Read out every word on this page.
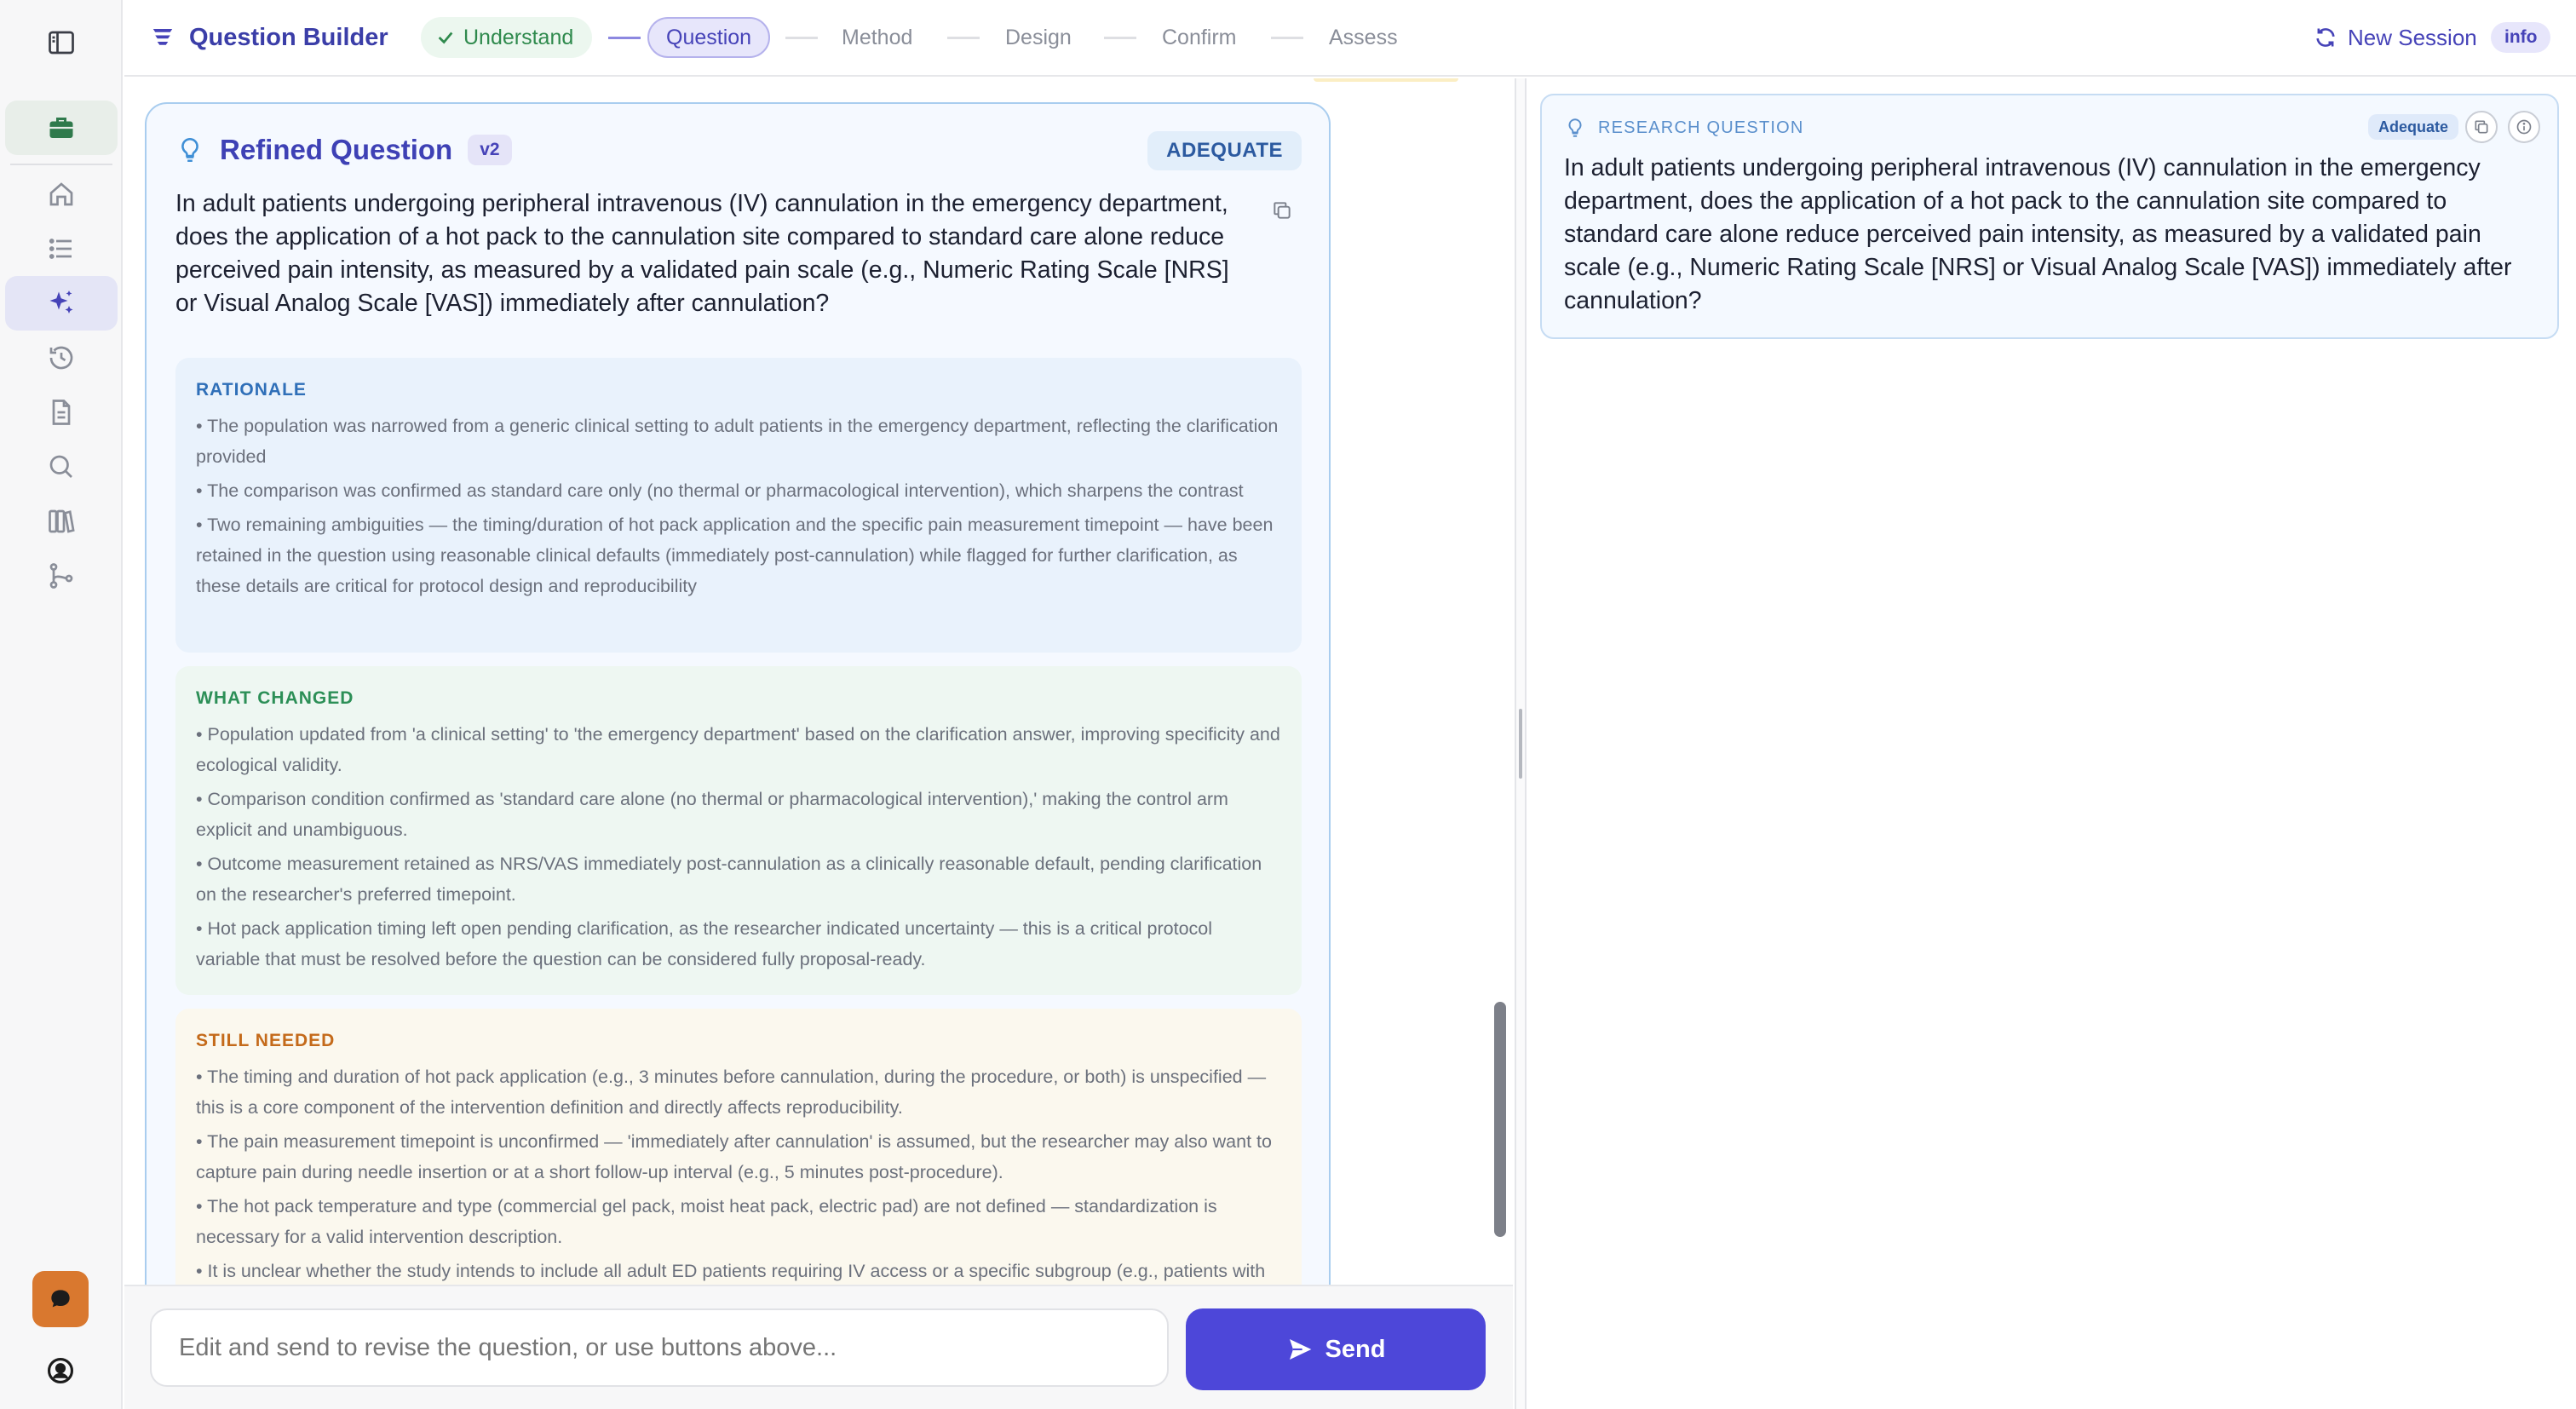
Question Builder	Understand	Question	Method	Design	Confirm	Assess	New Session	info
Refined Question	v2	ADEQUATE

In adult patients undergoing peripheral intravenous (IV) cannulation in the emergency department, does the application of a hot pack to the cannulation site compared to standard care alone reduce perceived pain intensity, as measured by a validated pain scale (e.g., Numeric Rating Scale [NRS] or Visual Analog Scale [VAS]) immediately after cannulation?

RATIONALE
• The population was narrowed from a generic clinical setting to adult patients in the emergency department, reflecting the clarification provided
• The comparison was confirmed as standard care only (no thermal or pharmacological intervention), which sharpens the contrast
• Two remaining ambiguities — the timing/duration of hot pack application and the specific pain measurement timepoint — have been retained in the question using reasonable clinical defaults (immediately post-cannulation) while flagged for further clarification, as these details are critical for protocol design and reproducibility
WHAT CHANGED
• Population updated from 'a clinical setting' to 'the emergency department' based on the clarification answer, improving specificity and ecological validity.
• Comparison condition confirmed as 'standard care alone (no thermal or pharmacological intervention),' making the control arm explicit and unambiguous.
• Outcome measurement retained as NRS/VAS immediately post-cannulation as a clinically reasonable default, pending clarification on the researcher's preferred timepoint.
• Hot pack application timing left open pending clarification, as the researcher indicated uncertainty — this is a critical protocol variable that must be resolved before the question can be considered fully proposal-ready.
STILL NEEDED
• The timing and duration of hot pack application (e.g., 3 minutes before cannulation, during the procedure, or both) is unspecified — this is a core component of the intervention definition and directly affects reproducibility.
• The pain measurement timepoint is unconfirmed — 'immediately after cannulation' is assumed, but the researcher may also want to capture pain during needle insertion or at a short follow-up interval (e.g., 5 minutes post-procedure).
• The hot pack temperature and type (commercial gel pack, moist heat pack, electric pad) are not defined — standardization is necessary for a valid intervention description.
• It is unclear whether the study intends to include all adult ED patients requiring IV access or a specific subgroup (e.g., patients with
Edit and send to revise the question, or use buttons above...
Send
RESEARCH QUESTION	Adequate

In adult patients undergoing peripheral intravenous (IV) cannulation in the emergency department, does the application of a hot pack to the cannulation site compared to standard care alone reduce perceived pain intensity, as measured by a validated pain scale (e.g., Numeric Rating Scale [NRS] or Visual Analog Scale [VAS]) immediately after cannulation?
